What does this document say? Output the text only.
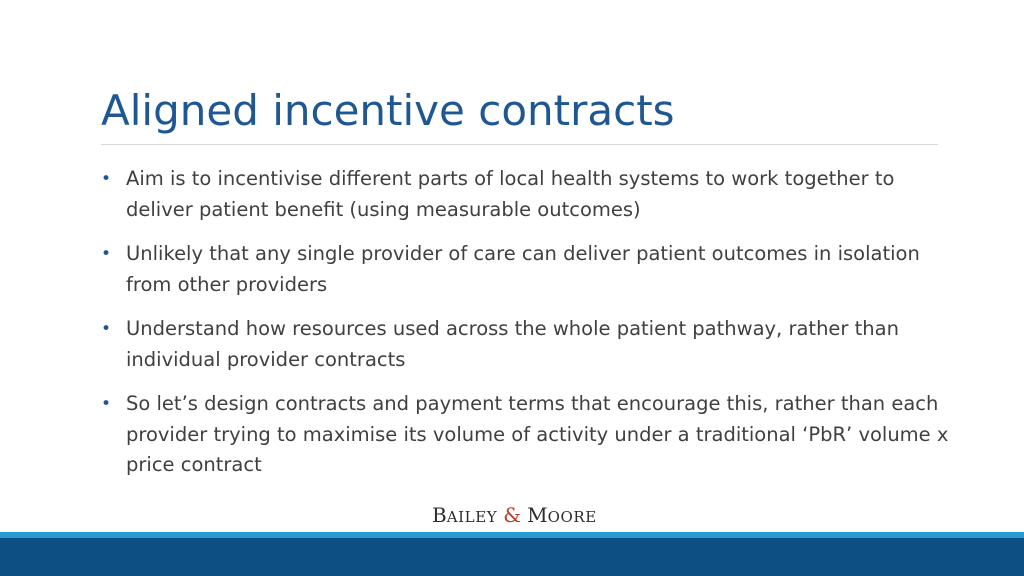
Aligned incentive contracts
• Aim is to incentivise different parts of local health systems to work together to deliver patient benefit (using measurable outcomes)
• Unlikely that any single provider of care can deliver patient outcomes in isolation from other providers
• Understand how resources used across the whole patient pathway, rather than individual provider contracts
• So let’s design contracts and payment terms that encourage this, rather than each provider trying to maximise its volume of activity under a traditional ‘PbR’ volume x price contract
B AILEY & M OORE
